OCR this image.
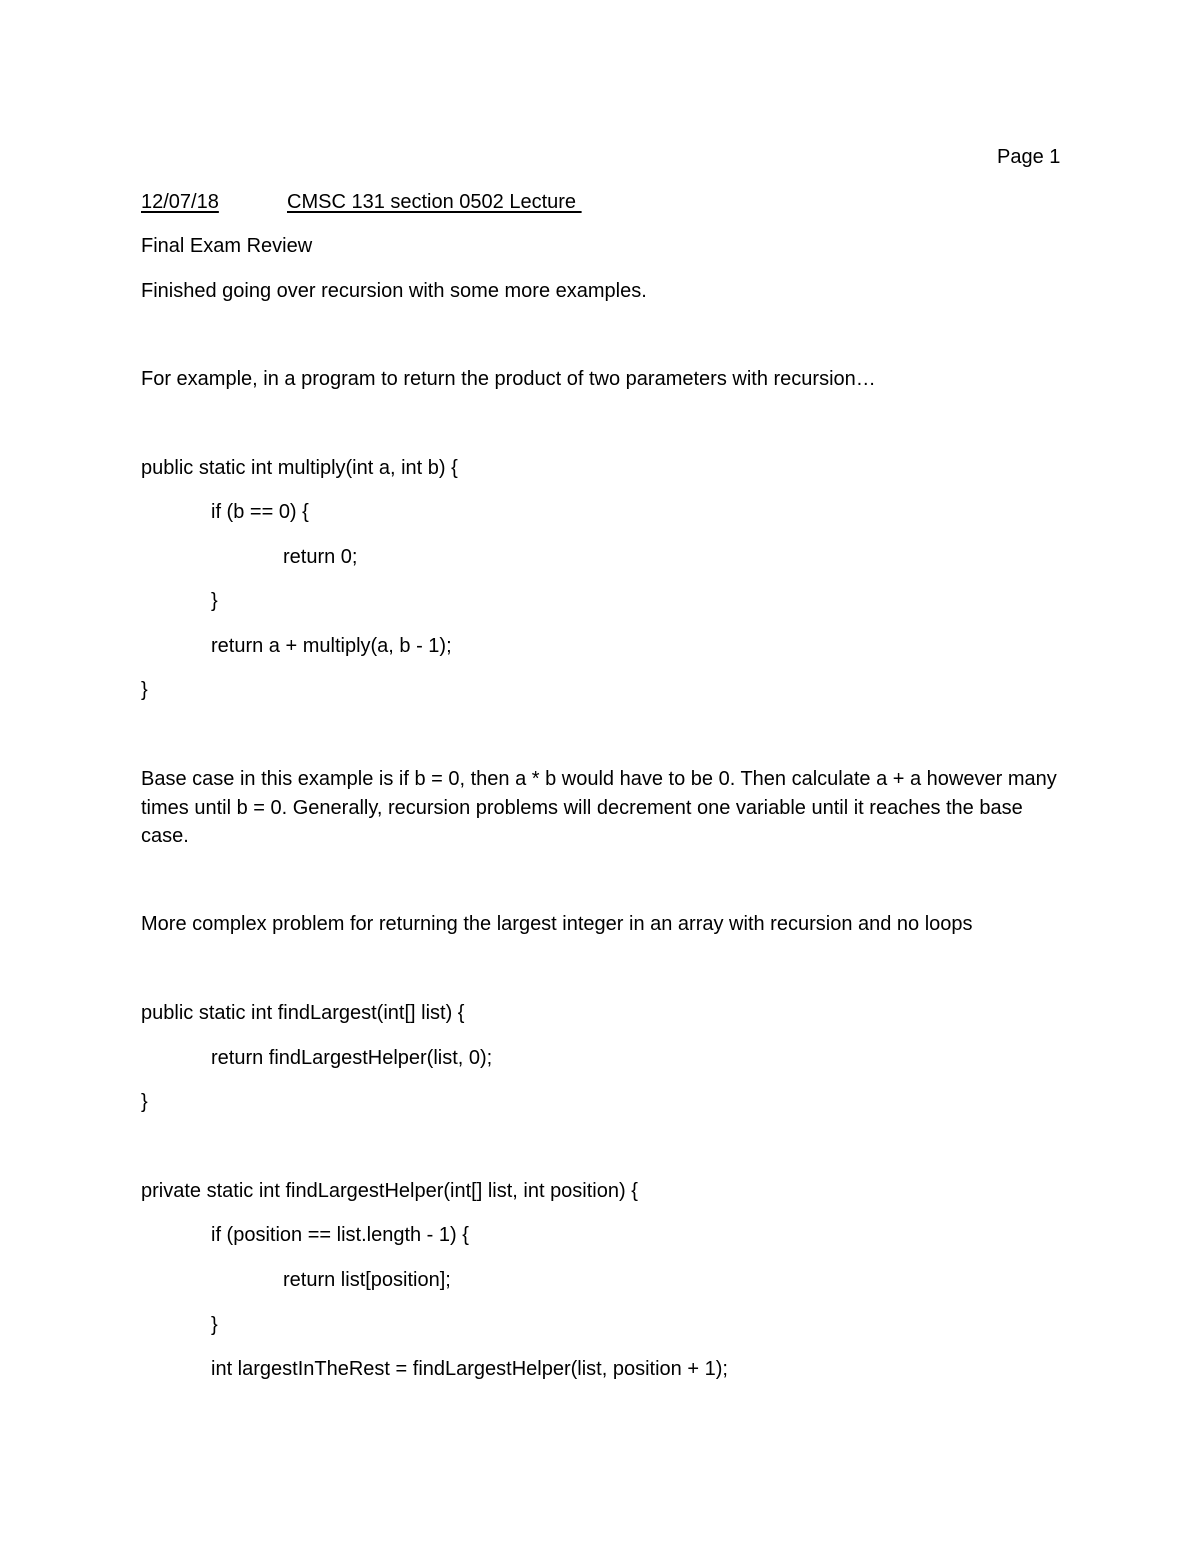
Page 1
12/07/18	CMSC 131 section 0502 Lecture
Final Exam Review
Finished going over recursion with some more examples.
For example, in a program to return the product of two parameters with recursion…
public static int multiply(int a, int b) {
if (b == 0) {
return 0;
}
return a + multiply(a, b - 1);
}
Base case in this example is if b = 0, then a * b would have to be 0. Then calculate a + a however many times until b = 0. Generally, recursion problems will decrement one variable until it reaches the base case.
More complex problem for returning the largest integer in an array with recursion and no loops
public static int findLargest(int[] list) {
return findLargestHelper(list, 0);
}
private static int findLargestHelper(int[] list, int position) {
if (position == list.length - 1) {
return list[position];
}
int largestInTheRest = findLargestHelper(list, position + 1);
